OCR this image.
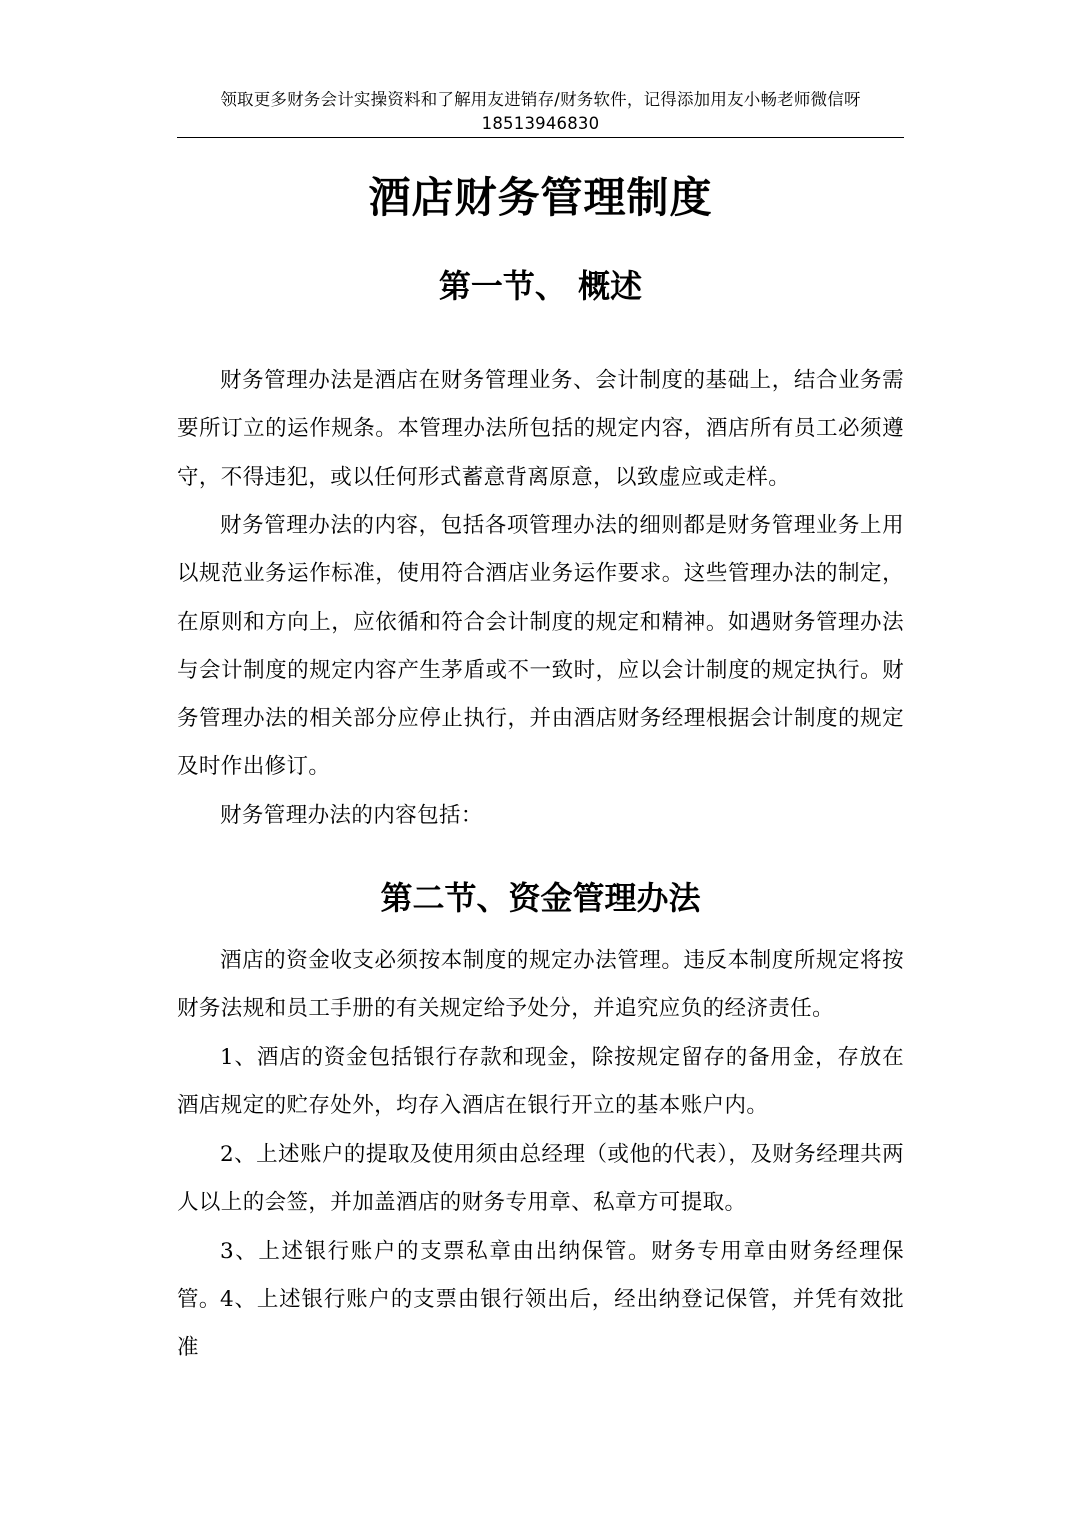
领取更多财务会计实操资料和了解用友进销存/财务软件，记得添加用友小畅老师微信呀
18513946830
酒店财务管理制度
第一节、 概述

财务管理办法是酒店在财务管理业务、会计制度的基础上，结合业务需要所订立的运作规条。本管理办法所包括的规定内容，酒店所有员工必须遵守，不得违犯，或以任何形式蓄意背离原意，以致虚应或走样。

财务管理办法的内容，包括各项管理办法的细则都是财务管理业务上用以规范业务运作标准，使用符合酒店业务运作要求。这些管理办法的制定，在原则和方向上，应依循和符合会计制度的规定和精神。如遇财务管理办法与会计制度的规定内容产生茅盾或不一致时，应以会计制度的规定执行。财务管理办法的相关部分应停止执行，并由酒店财务经理根据会计制度的规定及时作出修订。

财务管理办法的内容包括：

第二节、资金管理办法

酒店的资金收支必须按本制度的规定办法管理。违反本制度所规定将按财务法规和员工手册的有关规定给予处分，并追究应负的经济责任。

1、酒店的资金包括银行存款和现金，除按规定留存的备用金，存放在酒店规定的贮存处外，均存入酒店在银行开立的基本账户内。

2、上述账户的提取及使用须由总经理（或他的代表），及财务经理共两人以上的会签，并加盖酒店的财务专用章、私章方可提取。

3、上述银行账户的支票私章由出纳保管。财务专用章由财务经理保管。 4、上述银行账户的支票由银行领出后，经出纳登记保管，并凭有效批准
